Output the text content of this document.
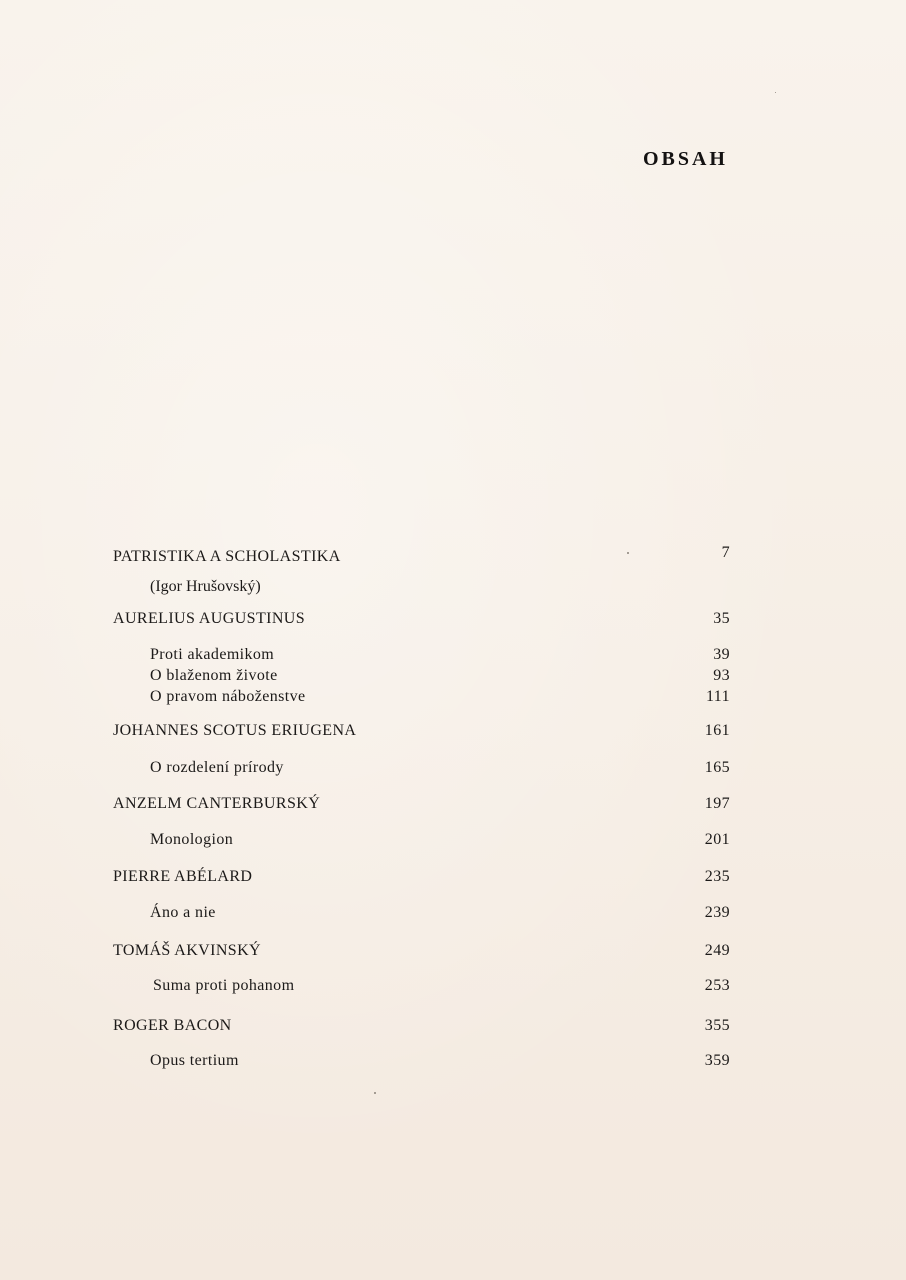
OBSAH
PATRISTIKA A SCHOLASTIKA	7
(Igor Hrušovský)
AURELIUS AUGUSTINUS	35
Proti akademikom	39
O blaženom živote	93
O pravom náboženstve	111
JOHANNES SCOTUS ERIUGENA	161
O rozdelení prírody	165
ANZELM CANTERBURSKÝ	197
Monologion	201
PIERRE ABÉLARD	235
Áno a nie	239
TOMÁŠ AKVINSKÝ	249
Suma proti pohanom	253
ROGER BACON	355
Opus tertium	359
